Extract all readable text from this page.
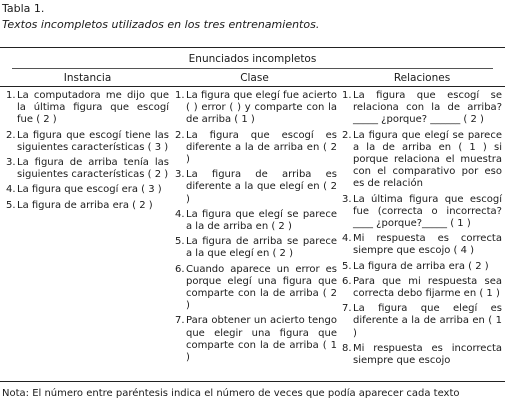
Tabla 1.
Textos incompletos utilizados en los tres entrenamientos.
Enunciados incompletos
Instancia	Clase	Relaciones
1. La computadora me dijo que la última figura que escogí fue ( 2 )
2. La figura que escogí tiene las siguientes características ( 3 )
3. La figura de arriba tenía las siguientes características ( 2 )
4. La figura que escogí era ( 3 )
5. La figura de arriba era ( 2 )
1. La figura que elegí fue acierto ( ) error ( ) y comparte con la de arriba ( 1 )
2. La figura que escogí es diferente a la de arriba en ( 2 )
3. La figura de arriba es diferente a la que elegí en ( 2 )
4. La figura que elegí se parece a la de arriba en ( 2 )
5. La figura de arriba se parece a la que elegí en ( 2 )
6. Cuando aparece un error es porque elegí una figura que comparte con la de arriba ( 2 )
7. Para obtener un acierto tengo que elegir una figura que comparte con la de arriba ( 1 )
1. La figura que escogí se relaciona con la de arriba? _____ ¿porque? ______ ( 2 )
2. La figura que elegí se parece a la de arriba en ( 1 ) si porque relaciona el muestra con el comparativo por eso es de relación
3. La última figura que escogí fue (correcta o incorrecta? ____ ¿porque?_____ ( 1 )
4. Mi respuesta es correcta siempre que escojo ( 4 )
5. La figura de arriba era ( 2 )
6. Para que mi respuesta sea correcta debo fijarme en ( 1 )
7. La figura que elegí es diferente a la de arriba en ( 1 )
8. Mi respuesta es incorrecta siempre que escojo
Nota: El número entre paréntesis indica el número de veces que podía aparecer cada texto
